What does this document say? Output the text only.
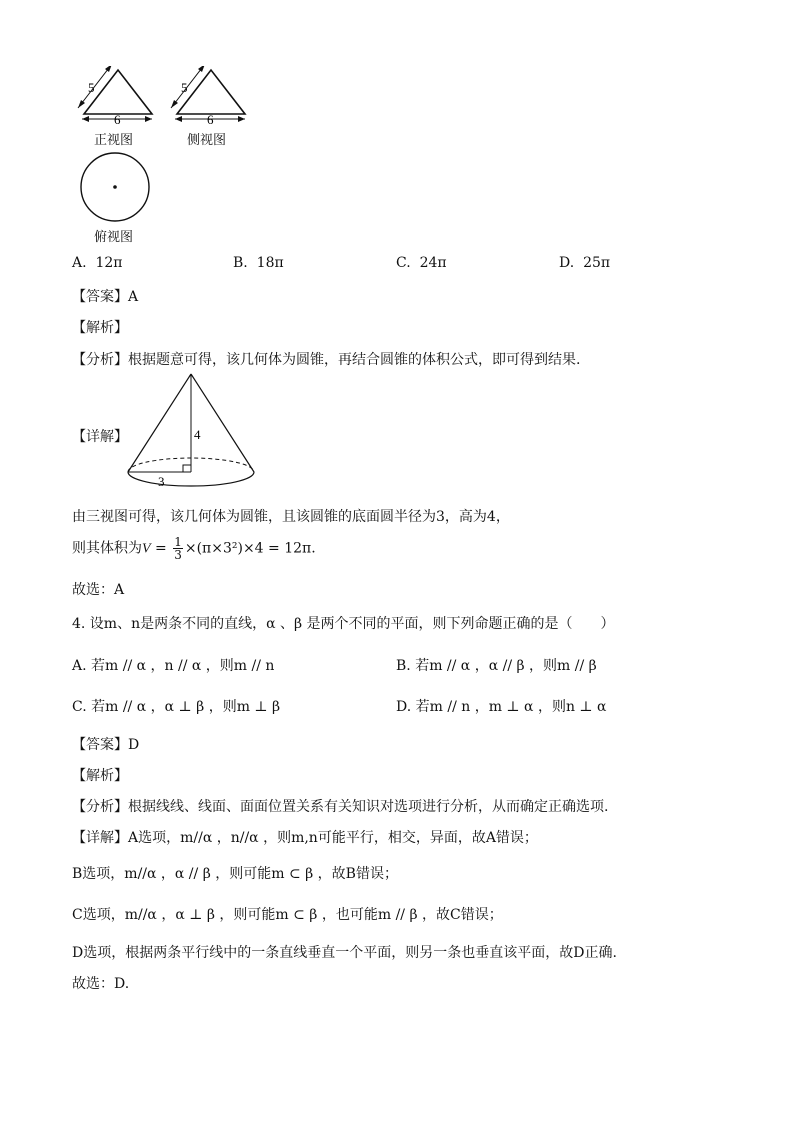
5
6
正视图
5
6
侧视图
俯视图
A. 12π	B. 18π	C. 24π	D. 25π
【答案】A
【解析】
【分析】根据题意可得，该几何体为圆锥，再结合圆锥的体积公式，即可得到结果.
4
3
【详解】
由三视图可得，该几何体为圆锥，且该圆锥的底面圆半径为3，高为4，
则其体积为$V = \frac{1}{3} \times(\pi\times 3^2)\times 4 = 12\pi$.
故选：A
4. 设m、n是两条不同的直线，α 、β 是两个不同的平面，则下列命题正确的是（　　）
A. 若m // α ，n // α ，则m // n	B. 若m // α ，α // β ，则m // β
C. 若m // α ，α ⊥ β ，则m ⊥ β	D. 若m // n ，m ⊥ α ，则n ⊥ α
【答案】D
【解析】
【分析】根据线线、线面、面面位置关系有关知识对选项进行分析，从而确定正确选项.
【详解】A选项，m//α ，n//α ，则m,n可能平行，相交，异面，故A错误；
B选项，m//α ，α // β ，则可能m ⊂ β ，故B错误；
C选项，m//α ，α ⊥ β ，则可能m ⊂ β ，也可能m // β ，故C错误；
D选项，根据两条平行线中的一条直线垂直一个平面，则另一条也垂直该平面，故D正确.
故选：D.
